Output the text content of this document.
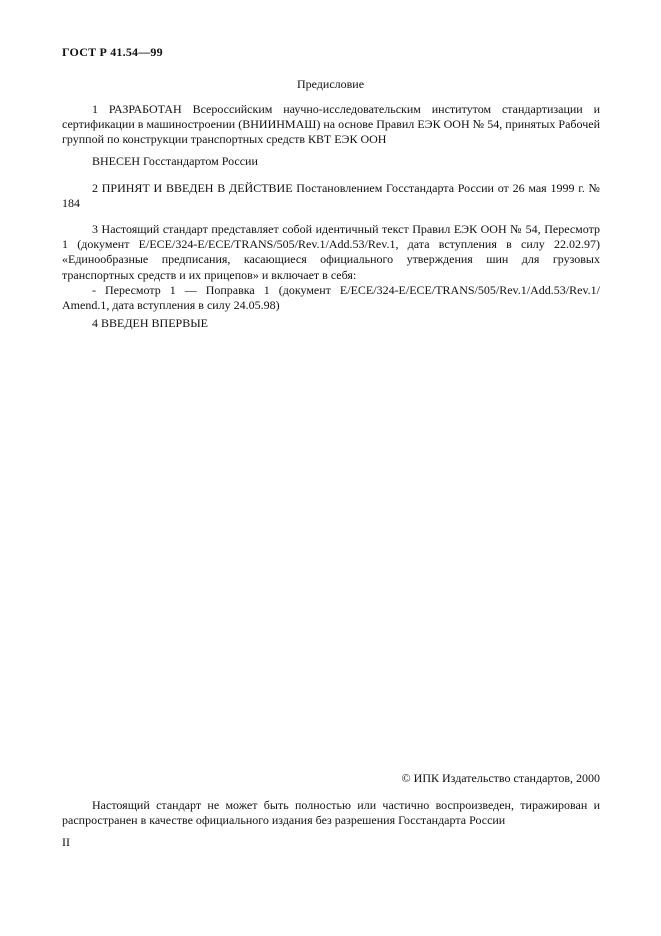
ГОСТ Р 41.54—99
Предисловие

1 РАЗРАБОТАН Всероссийским научно-исследовательским институтом стандартизации и сертификации в машиностроении (ВНИИНМАШ) на основе Правил ЕЭК ООН № 54, принятых Рабочей группой по конструкции транспортных средств КВТ ЕЭК ООН

ВНЕСЕН Госстандартом России

2 ПРИНЯТ И ВВЕДЕН В ДЕЙСТВИЕ Постановлением Госстандарта России от 26 мая 1999 г. № 184

3 Настоящий стандарт представляет собой идентичный текст Правил ЕЭК ООН № 54, Пересмотр 1 (документ E/ECE/324-E/ECE/TRANS/505/Rev.1/Add.53/Rev.1, дата вступления в силу 22.02.97) «Единообразные предписания, касающиеся официального утверждения шин для грузовых транспортных средств и их прицепов» и включает в себя:

- Пересмотр 1 — Поправка 1 (документ E/ECE/324-E/ECE/TRANS/505/Rev.1/Add.53/Rev.1/ Amend.1, дата вступления в силу 24.05.98)

4 ВВЕДЕН ВПЕРВЫЕ

© ИПК Издательство стандартов, 2000

Настоящий стандарт не может быть полностью или частично воспроизведен, тиражирован и распространен в качестве официального издания без разрешения Госстандарта России

II
